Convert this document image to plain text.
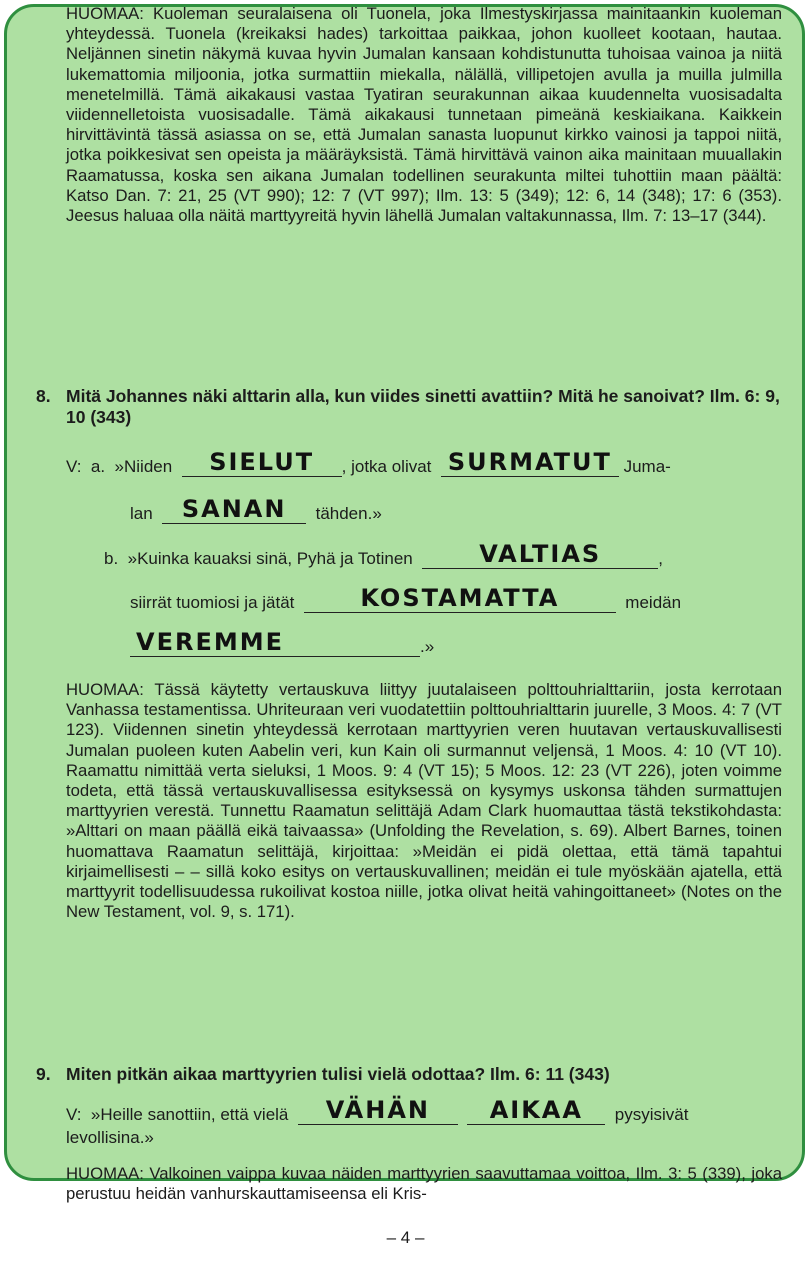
HUOMAA: Kuoleman seuralaisena oli Tuonela, joka Ilmestyskirjassa mainitaankin kuoleman yhteydessä. Tuonela (kreikaksi hades) tarkoittaa paikkaa, johon kuolleet kootaan, hautaa. Neljännen sinetin näkymä kuvaa hyvin Jumalan kansaan kohdistunutta tuhoisaa vainoa ja niitä lukemattomia miljoonia, jotka surmattiin miekalla, nälällä, villipetojen avulla ja muilla julmilla menetelmillä. Tämä aikakausi vastaa Tyatiran seurakunnan aikaa kuudennelta vuosisadalta viidennelletoista vuosisadalle. Tämä aikakausi tunnetaan pimeänä keskiaikana. Kaikkein hirvittävintä tässä asiassa on se, että Jumalan sanasta luopunut kirkko vainosi ja tappoi niitä, jotka poikkesivat sen opeista ja määräyksistä. Tämä hirvittävä vainon aika mainitaan muuallakin Raamatussa, koska sen aikana Jumalan todellinen seurakunta miltei tuhottiin maan päältä: Katso Dan. 7: 21, 25 (VT 990); 12: 7 (VT 997); Ilm. 13: 5 (349); 12: 6, 14 (348); 17: 6 (353). Jeesus haluaa olla näitä marttyyreitä hyvin lähellä Jumalan valtakunnassa, Ilm. 7: 13–17 (344).

8. Mitä Johannes näki alttarin alla, kun viides sinetti avattiin? Mitä he sanoivat? Ilm. 6: 9, 10 (343)
V: a. »Niiden	SIELUT	, jotka olivat SURMATUT Juma-
lan	SANAN	tähden.»
b. »Kuinka kauaksi sinä, Pyhä ja Totinen	VALTIAS	,
siirrät tuomiosi ja jätät	KOSTAMATTA	meidän
VEREMME	.»

HUOMAA: Tässä käytetty vertauskuva liittyy juutalaiseen polttouhrialttariin, josta kerrotaan Vanhassa testamentissa. Uhriteuraan veri vuodatettiin polttouhrialttarin juurelle, 3 Moos. 4: 7 (VT 123). Viidennen sinetin yhteydessä kerrotaan marttyyrien veren huutavan vertauskuvallisesti Jumalan puoleen kuten Aabelin veri, kun Kain oli surmannut veljensä, 1 Moos. 4: 10 (VT 10). Raamattu nimittää verta sieluksi, 1 Moos. 9: 4 (VT 15); 5 Moos. 12: 23 (VT 226), joten voimme todeta, että tässä vertauskuvallisessa esityksessä on kysymys uskonsa tähden surmattujen marttyyrien verestä. Tunnettu Raamatun selittäjä Adam Clark huomauttaa tästä tekstikohdasta: »Alttari on maan päällä eikä taivaassa» (Unfolding the Revelation, s. 69). Albert Barnes, toinen huomattava Raamatun selittäjä, kirjoittaa: »Meidän ei pidä olettaa, että tämä tapahtui kirjaimellisesti – – sillä koko esitys on vertauskuvallinen; meidän ei tule myöskään ajatella, että marttyyrit todellisuudessa rukoilivat kostoa niille, jotka olivat heitä vahingoittaneet» (Notes on the New Testament, vol. 9, s. 171).

9. Miten pitkän aikaa marttyyrien tulisi vielä odottaa? Ilm. 6: 11 (343)
V: »Heille sanottiin, että vielä	VÄHÄN
	AIKAA	pysyisivät
levollisina.»

HUOMAA: Valkoinen vaippa kuvaa näiden marttyyrien saavuttamaa voittoa, Ilm. 3: 5 (339), joka perustuu heidän vanhurskauttamiseensa eli Kris-

– 4 –
